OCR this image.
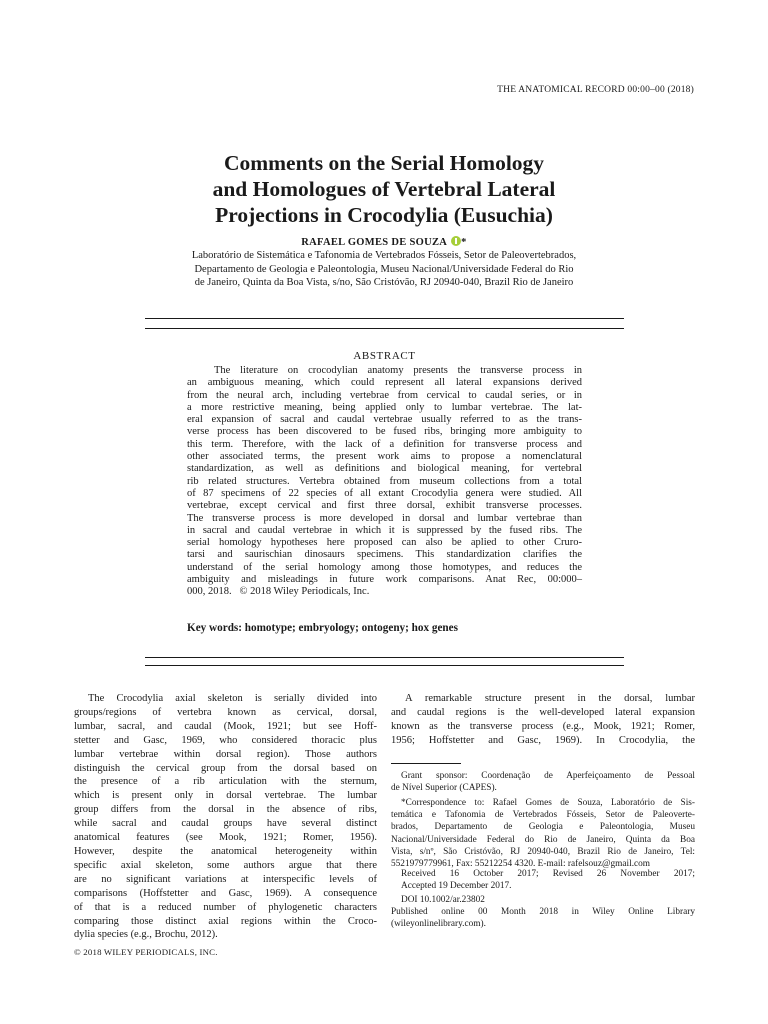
THE ANATOMICAL RECORD 00:00–00 (2018)
Comments on the Serial Homology
and Homologues of Vertebral Lateral
Projections in Crocodylia (Eusuchia)
RAFAEL GOMES DE SOUZA *
Laboratório de Sistemática e Tafonomia de Vertebrados Fósseis, Setor de Paleovertebrados,
Departamento de Geologia e Paleontologia, Museu Nacional/Universidade Federal do Rio
de Janeiro, Quinta da Boa Vista, s/no, São Cristóvão, RJ 20940-040, Brazil Rio de Janeiro
ABSTRACT
The literature on crocodylian anatomy presents the transverse process in
an ambiguous meaning, which could represent all lateral expansions derived
from the neural arch, including vertebrae from cervical to caudal series, or in
a more restrictive meaning, being applied only to lumbar vertebrae. The lat-
eral expansion of sacral and caudal vertebrae usually referred to as the trans-
verse process has been discovered to be fused ribs, bringing more ambiguity to
this term. Therefore, with the lack of a definition for transverse process and
other associated terms, the present work aims to propose a nomenclatural
standardization, as well as definitions and biological meaning, for vertebral
rib related structures. Vertebra obtained from museum collections from a total
of 87 specimens of 22 species of all extant Crocodylia genera were studied. All
vertebrae, except cervical and first three dorsal, exhibit transverse processes.
The transverse process is more developed in dorsal and lumbar vertebrae than
in sacral and caudal vertebrae in which it is suppressed by the fused ribs. The
serial homology hypotheses here proposed can also be aplied to other Cruro-
tarsi and saurischian dinosaurs specimens. This standardization clarifies the
understand of the serial homology among those homotypes, and reduces the
ambiguity and misleadings in future work comparisons. Anat Rec, 00:000–
000, 2018.   © 2018 Wiley Periodicals, Inc.
Key words: homotype; embryology; ontogeny; hox genes
The Crocodylia axial skeleton is serially divided into
groups/regions of vertebra known as cervical, dorsal,
lumbar, sacral, and caudal (Mook, 1921; but see Hoff-
stetter and Gasc, 1969, who considered thoracic plus
lumbar vertebrae within dorsal region). Those authors
distinguish the cervical group from the dorsal based on
the presence of a rib articulation with the sternum,
which is present only in dorsal vertebrae. The lumbar
group differs from the dorsal in the absence of ribs,
while sacral and caudal groups have several distinct
anatomical features (see Mook, 1921; Romer, 1956).
However, despite the anatomical heterogeneity within
specific axial skeleton, some authors argue that there
are no significant variations at interspecific levels of
comparisons (Hoffstetter and Gasc, 1969). A consequence
of that is a reduced number of phylogenetic characters
comparing those distinct axial regions within the Croco-
dylia species (e.g., Brochu, 2012).
A remarkable structure present in the dorsal, lumbar
and caudal regions is the well-developed lateral expansion
known as the transverse process (e.g., Mook, 1921; Romer,
1956; Hoffstetter and Gasc, 1969). In Crocodylia, the
Grant sponsor: Coordenação de Aperfeiçoamento de Pessoal
de Nível Superior (CAPES).
*Correspondence to: Rafael Gomes de Souza, Laboratório de Sis-
temática e Tafonomia de Vertebrados Fósseis, Setor de Paleoverte-
brados, Departamento de Geologia e Paleontologia, Museu
Nacional/Universidade Federal do Rio de Janeiro, Quinta da Boa
Vista, s/nº, São Cristóvão, RJ 20940-040, Brazil Rio de Janeiro, Tel:
5521979779961, Fax: 55212254 4320. E-mail: rafelsouz@gmail.com
Received 16 October 2017; Revised 26 November 2017;
Accepted 19 December 2017.
DOI 10.1002/ar.23802
Published online 00 Month 2018 in Wiley Online Library
(wileyonlinelibrary.com).
© 2018 WILEY PERIODICALS, INC.
